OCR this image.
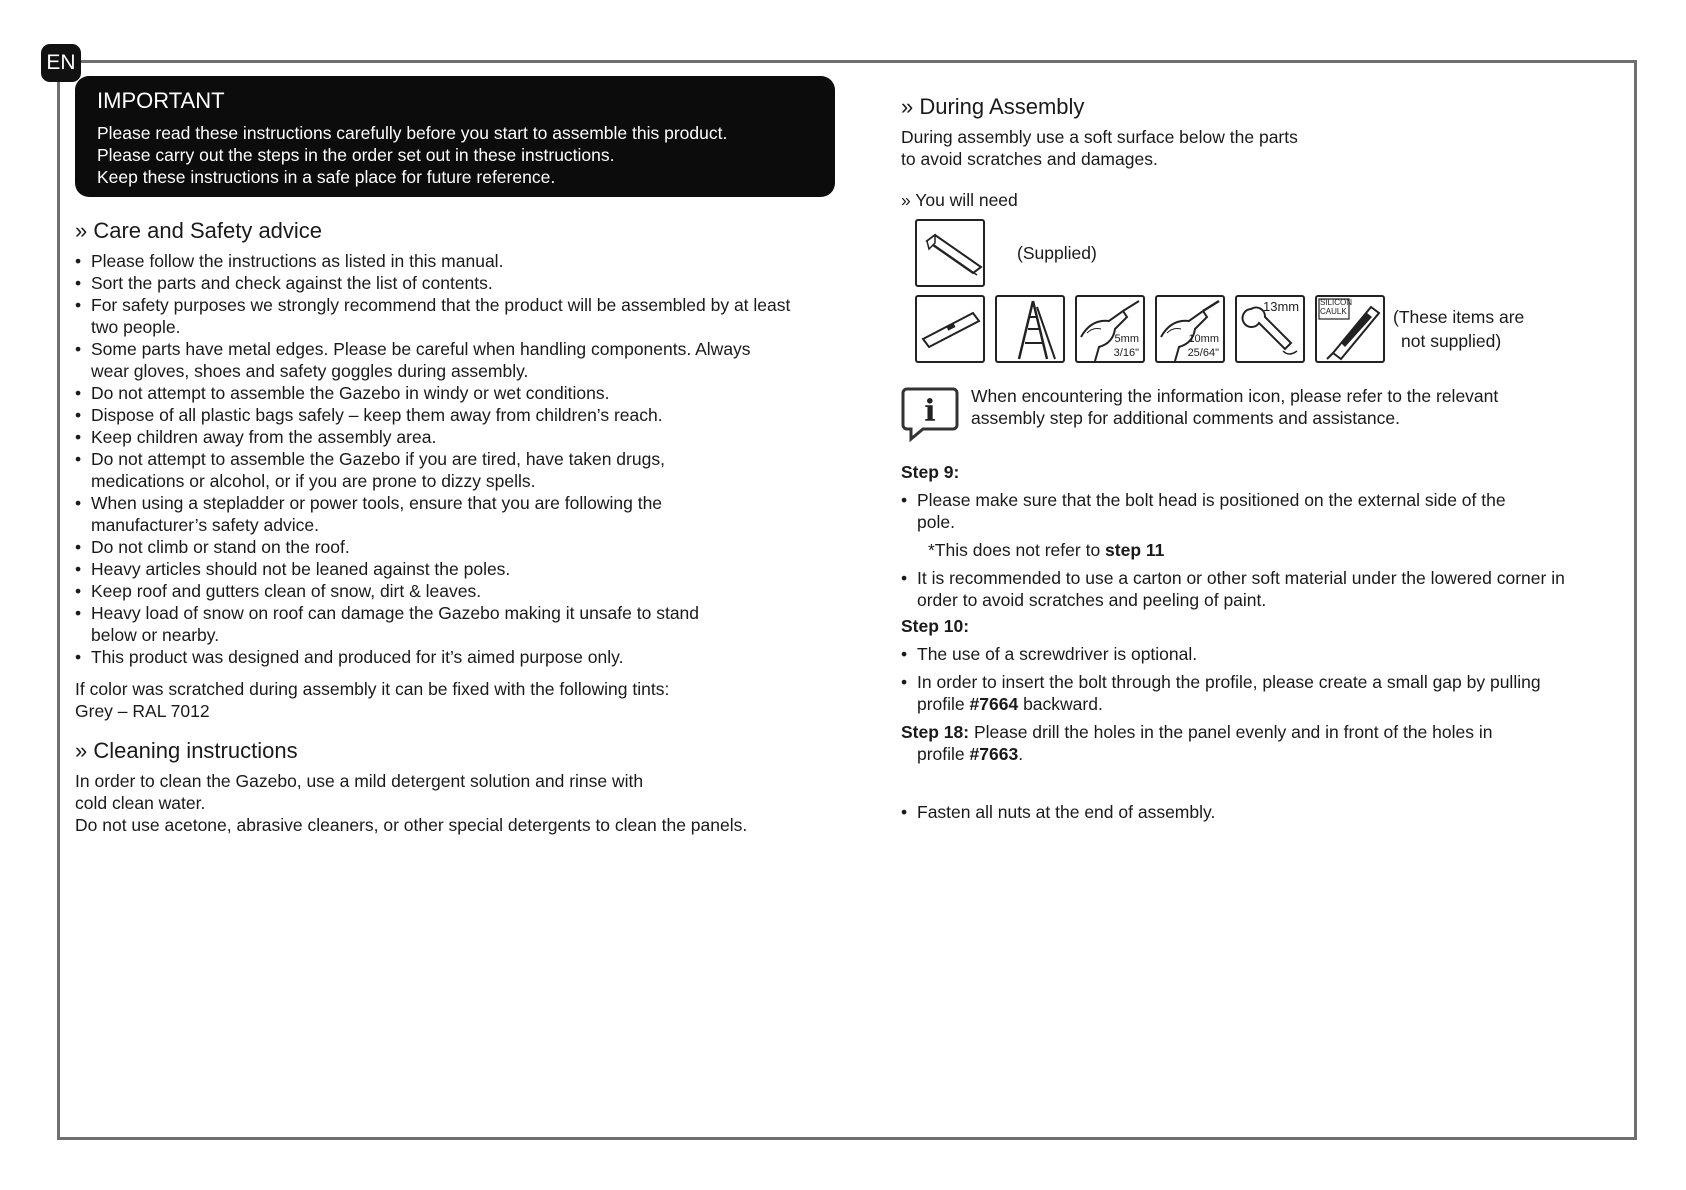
EN
IMPORTANT
Please read these instructions carefully before you start to assemble this product.
Please carry out the steps in the order set out in these instructions.
Keep these instructions in a safe place for future reference.
» Care and Safety advice
• Please follow the instructions as listed in this manual.
• Sort the parts and check against the list of contents.
• For safety purposes we strongly recommend that the product will be assembled by at least two people.
• Some parts have metal edges. Please be careful when handling components. Always wear gloves, shoes and safety goggles during assembly.
• Do not attempt to assemble the Gazebo in windy or wet conditions.
• Dispose of all plastic bags safely – keep them away from children’s reach.
• Keep children away from the assembly area.
• Do not attempt to assemble the Gazebo if you are tired, have taken drugs, medications or alcohol, or if you are prone to dizzy spells.
• When using a stepladder or power tools, ensure that you are following the manufacturer’s safety advice.
• Do not climb or stand on the roof.
• Heavy articles should not be leaned against the poles.
• Keep roof and gutters clean of snow, dirt & leaves.
• Heavy load of snow on roof can damage the Gazebo making it unsafe to stand below or nearby.
• This product was designed and produced for it’s aimed purpose only.
If color was scratched during assembly it can be fixed with the following tints:
Grey – RAL 7012
» Cleaning instructions
In order to clean the Gazebo, use a mild detergent solution and rinse with
cold clean water.
Do not use acetone, abrasive cleaners, or other special detergents to clean the panels.
» During Assembly
During assembly use a soft surface below the parts
to avoid scratches and damages.
» You will need
(Supplied)
5mm
3/16"
10mm
25/64"
13mm	SILICON
CAULK	(These items are
not supplied)
i When encountering the information icon, please refer to the relevant
assembly step for additional comments and assistance.
Step 9:
• Please make sure that the bolt head is positioned on the external side of the
pole.
*This does not refer to step 11
• It is recommended to use a carton or other soft material under the lowered corner in order to avoid scratches and peeling of paint.
Step 10:
• The use of a screwdriver is optional.
• In order to insert the bolt through the profile, please create a small gap by pulling profile #7664 backward.
Step 18: Please drill the holes in the panel evenly and in front of the holes in
profile #7663.
• Fasten all nuts at the end of assembly.
